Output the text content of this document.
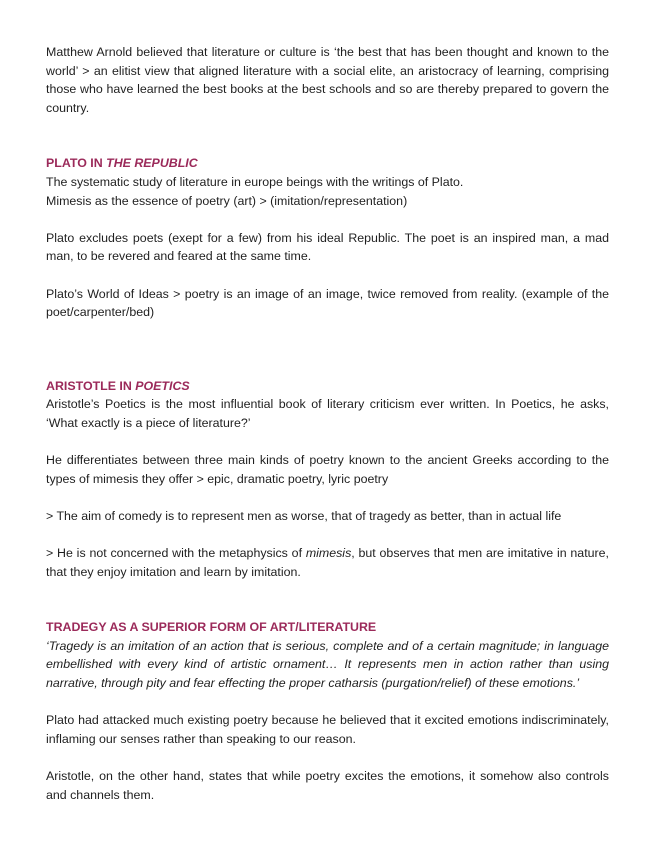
Matthew Arnold believed that literature or culture is ‘the best that has been thought and known to the world’ > an elitist view that aligned literature with a social elite, an aristocracy of learning, comprising those who have learned the best books at the best schools and so are thereby prepared to govern the country.

PLATO IN THE REPUBLIC

The systematic study of literature in europe beings with the writings of Plato.

Mimesis as the essence of poetry (art) > (imitation/representation)

Plato excludes poets (exept for a few) from his ideal Republic. The poet is an inspired man, a mad man, to be revered and feared at the same time.

Plato’s World of Ideas > poetry is an image of an image, twice removed from reality. (example of the poet/carpenter/bed)

ARISTOTLE IN POETICS

Aristotle’s Poetics is the most influential book of literary criticism ever written. In Poetics, he asks, ‘What exactly is a piece of literature?’

He differentiates between three main kinds of poetry known to the ancient Greeks according to the types of mimesis they offer > epic, dramatic poetry, lyric poetry

> The aim of comedy is to represent men as worse, that of tragedy as better, than in actual life

> He is not concerned with the metaphysics of mimesis, but observes that men are imitative in nature, that they enjoy imitation and learn by imitation.

TRADEGY AS A SUPERIOR FORM OF ART/LITERATURE

‘Tragedy is an imitation of an action that is serious, complete and of a certain magnitude; in language embellished with every kind of artistic ornament… It represents men in action rather than using narrative, through pity and fear effecting the proper catharsis (purgation/relief) of these emotions.’

Plato had attacked much existing poetry because he believed that it excited emotions indiscriminately, inflaming our senses rather than speaking to our reason.

Aristotle, on the other hand, states that while poetry excites the emotions, it somehow also controls and channels them.
